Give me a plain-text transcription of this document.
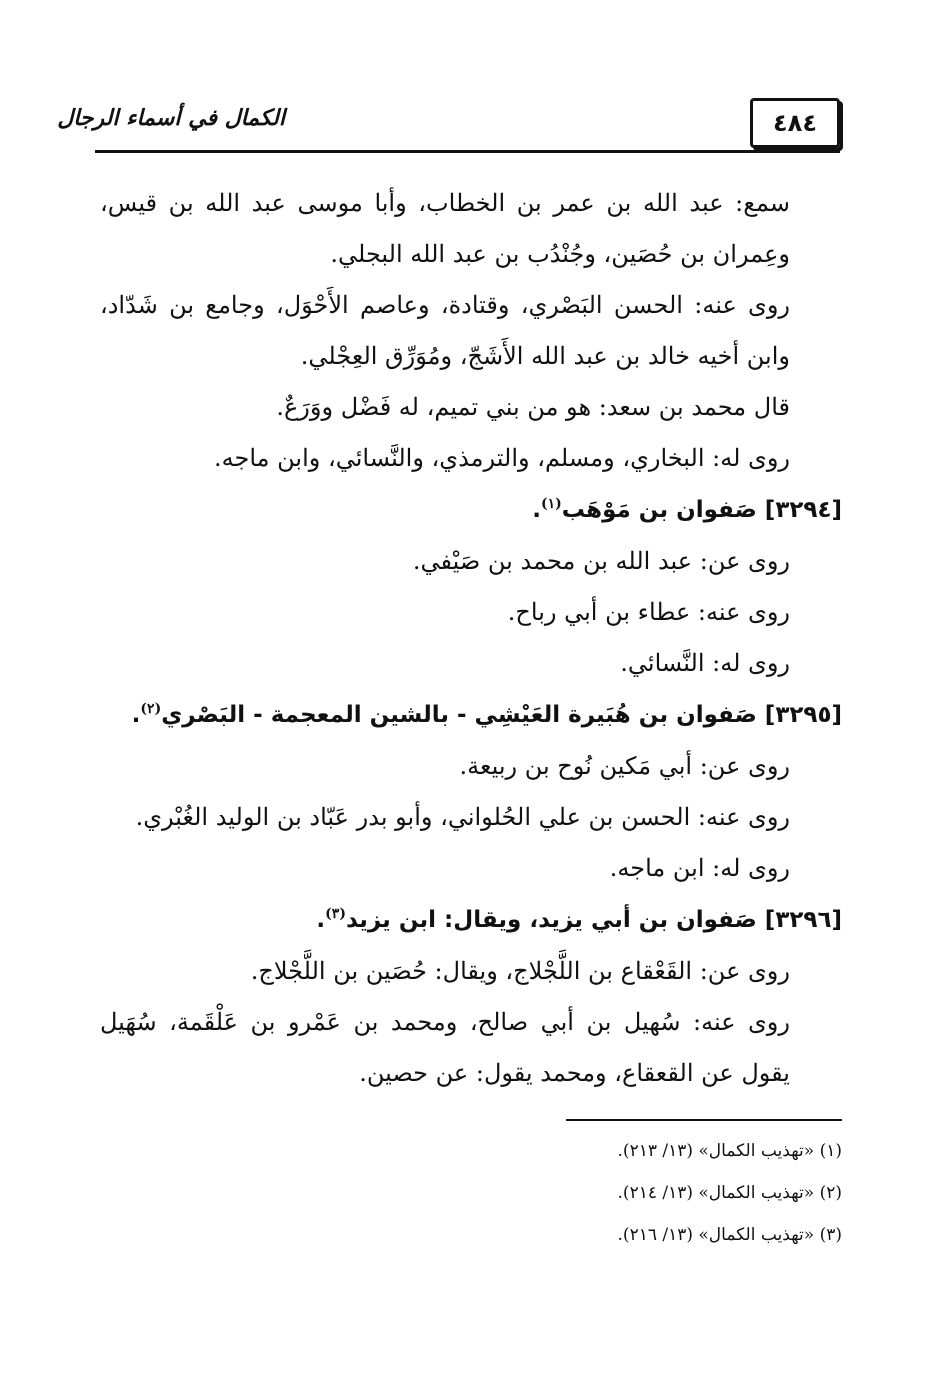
الكمال في أسماء الرجال	٤٨٤

سمع: عبد الله بن عمر بن الخطاب، وأبا موسى عبد الله بن قيس، وعِمران بن حُصَين، وجُنْدُب بن عبد الله البجلي.

روى عنه: الحسن البَصْري، وقتادة، وعاصم الأَحْوَل، وجامع بن شَدّاد، وابن أخيه خالد بن عبد الله الأَشَجّ، ومُوَرِّق العِجْلي.

قال محمد بن سعد: هو من بني تميم، له فَضْل ووَرَعٌ.

روى له: البخاري، ومسلم، والترمذي، والنَّسائي، وابن ماجه.

[٣٢٩٤] صَفوان بن مَوْهَب$^{(١)}$.

روى عن: عبد الله بن محمد بن صَيْفي.

روى عنه: عطاء بن أبي رباح.

روى له: النَّسائي.

[٣٢٩٥] صَفوان بن هُبَيرة العَيْشِي - بالشين المعجمة - البَصْري$^{(٢)}$.

روى عن: أبي مَكين نُوح بن ربيعة.

روى عنه: الحسن بن علي الحُلواني، وأبو بدر عَبّاد بن الوليد الغُبْري.

روى له: ابن ماجه.

[٣٢٩٦] صَفوان بن أبي يزيد، ويقال: ابن يزيد$^{(٣)}$.

روى عن: القَعْقاع بن اللَّجْلاج، ويقال: حُصَين بن اللَّجْلاج.

روى عنه: سُهيل بن أبي صالح، ومحمد بن عَمْرو بن عَلْقَمة، سُهَيل يقول عن القعقاع، ومحمد يقول: عن حصين.

(١) «تهذيب الكمال» (١٣/ ٢١٣).

(٢) «تهذيب الكمال» (١٣/ ٢١٤).

(٣) «تهذيب الكمال» (١٣/ ٢١٦).
